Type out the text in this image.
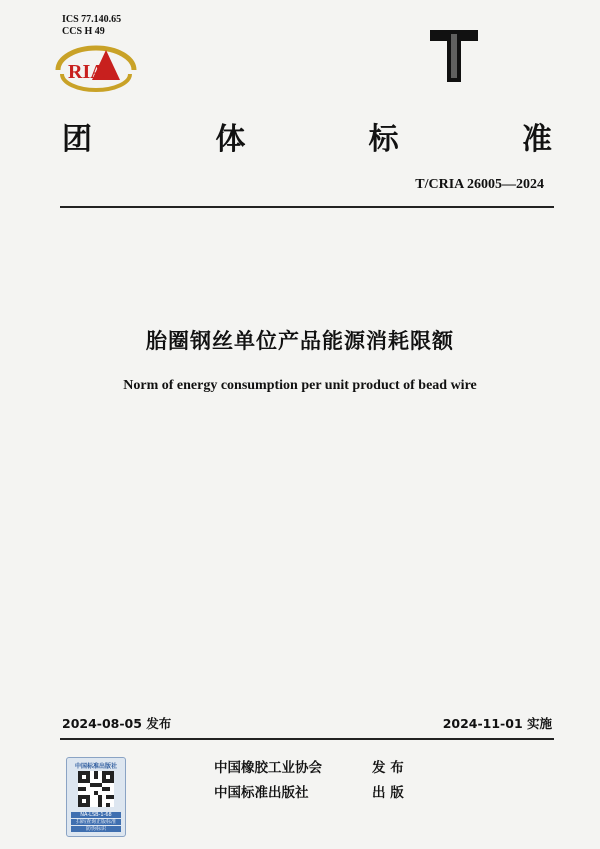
ICS 77.140.65
CCS H 49
RIA
团	体	标	准
T/CRIA 26005—2024
胎圈钢丝单位产品能源消耗限额
Norm of energy consumption per unit product of bead wire
2024-08-05 发布	2024-11-01 实施
中国标准出版社
NA-LSB-1-68
扫码查询正版标准
防伪标识
中国橡胶工业协会	发 布
中国标准出版社	出 版
